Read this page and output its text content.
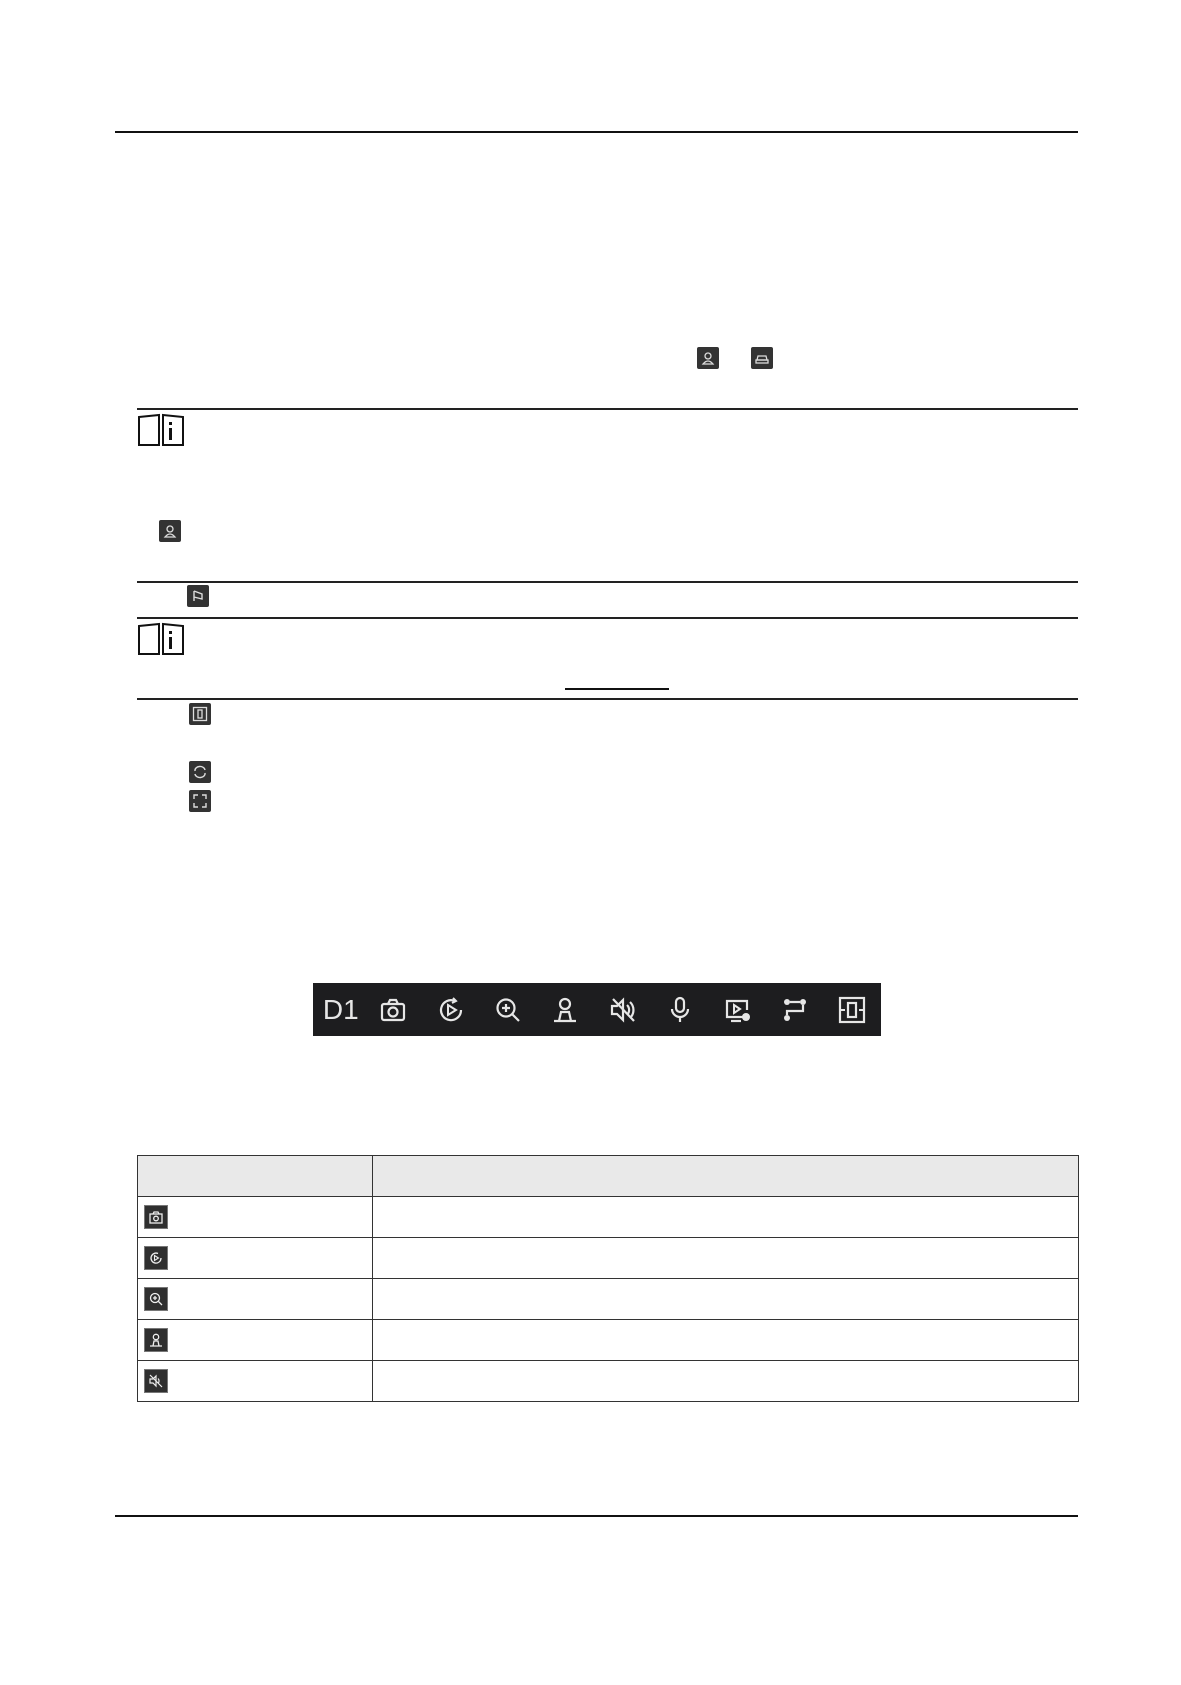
D1
